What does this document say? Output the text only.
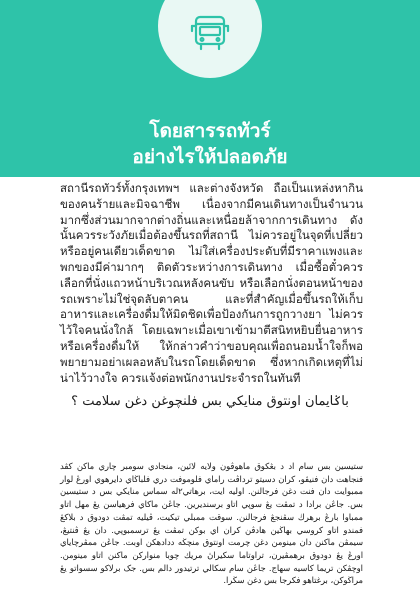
โดยสารรถทัวร์
อย่างไรให้ปลอดภัย
สถานีรถทัวร์ทั้งกรุงเทพฯ และต่างจังหวัด ถือเป็นแหล่งหากินของคนร้ายและมิจฉาชีพ เนื่องจากมีคนเดินทางเป็นจำนวนมากซึ่งส่วนมากจากต่างถิ่นและเหนื่อยล้าจากการเดินทาง ดังนั้นควรระวังภัยเมื่อต้องขึ้นรถที่สถานี ไม่ควรอยู่ในจุดที่เปลี่ยวหรืออยู่คนเดียวเด็ดขาด ไม่ใส่เครื่องประดับที่มีราคาแพงและพกของมีค่ามากๆ ติดตัวระหว่างการเดินทาง เมื่อซื้อตั๋วควรเลือกที่นั่งแถวหน้าบริเวณหลังคนขับ หรือเลือกนั่งตอนหน้าของรถเพราะไม่ใช่จุดลับตาคน และที่สำคัญเมื่อขึ้นรถให้เก็บอาหารและเครื่องดื่มให้มิดชิดเพื่อป้องกันการถูกวางยา ไม่ควรไว้ใจคนนั่งใกล้ โดยเฉพาะเมื่อเขาเข้ามาตีสนิทหยิบยื่นอาหารหรือเครื่องดื่มให้ ให้กล่าวคำว่าขอบคุณเพื่อถนอมน้ำใจก็พอ พยายามอย่าเผลอหลับในรถโดยเด็ดขาด ซึ่งหากเกิดเหตุที่ไม่น่าไว้วางใจ ควรแจ้งต่อพนักงานประจำรถในทันที
باݢايمان اونتوق منايکي بس فلنچوغن دغن سلامت ؟
ستيسين بس سام اد د بڠكوق ماهوڤون ولايه لائين، منجادي سومبر چاري ماكن كڤد فنجاهت دان فنيڤو، كران دسيتو ترداڤت راماي فلوموفت دري فلباڬاي دايرهوي اورڠ لوار ممبوايت دان فنت دغن فرجالنن. اوليه ايت، برهاتي٢له سماس منايکي بس د ستيسين بس. جاڠن برادا د تمڤت يڠ سوڽي اتاو برسنديرين. جاڠن ماكاي فرهياسن يڠ مهل اتاو ممباوا بارڠ برهرڬ سڤنجڠ فرجالنن. سوقت ممبلي تيكيت، ڤيليه تمڤت دودوق د بلاكڠ فمندو اتاو كروسي بهاڬين هادڤن كران اي بوكن تمڤت يڠ ترسمبوڽي. دان يڠ ڤنتيڠ، سيمڤن ماكنن دان مينومن دغن چرمت اونتوق منچڬه ددادهكن اوبت. جاڠن ممڤرچاياي اورڠ يڠ دودوق برهمڤيرن، تراوتاما سكيراڽ مريك چوبا منواركن ماكنن اتاو مينومن. اوچڤكن تريما كاسيه سهاج. جاڠن سام سكالي ترتيدور دالم بس. جک برلاکو سسواتو يڠ مراڬوكن، برغتاهو فكرجا بس دغن سڬرا.
